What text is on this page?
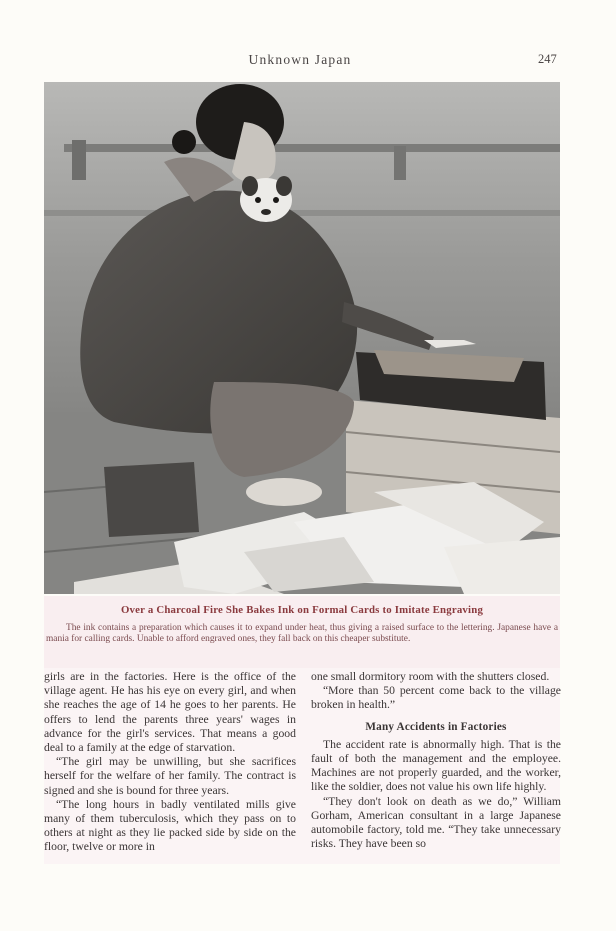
Unknown Japan	247
Over a Charcoal Fire She Bakes Ink on Formal Cards to Imitate Engraving
The ink contains a preparation which causes it to expand under heat, thus giving a raised surface to the lettering. Japanese have a mania for calling cards. Unable to afford engraved ones, they fall back on this cheaper substitute.

girls are in the factories. Here is the office of the village agent. He has his eye on every girl, and when she reaches the age of 14 he goes to her parents. He offers to lend the parents three years' wages in advance for the girl's services. That means a good deal to a family at the edge of starvation.

“The girl may be unwilling, but she sacrifices herself for the welfare of her family. The contract is signed and she is bound for three years.

“The long hours in badly ventilated mills give many of them tuberculosis, which they pass on to others at night as they lie packed side by side on the floor, twelve or more in

one small dormitory room with the shutters closed.

“More than 50 percent come back to the village broken in health.”

Many Accidents in Factories

The accident rate is abnormally high. That is the fault of both the management and the employee. Machines are not properly guarded, and the worker, like the soldier, does not value his own life highly.

“They don't look on death as we do,” William Gorham, American consultant in a large Japanese automobile factory, told me. “They take unnecessary risks. They have been so
